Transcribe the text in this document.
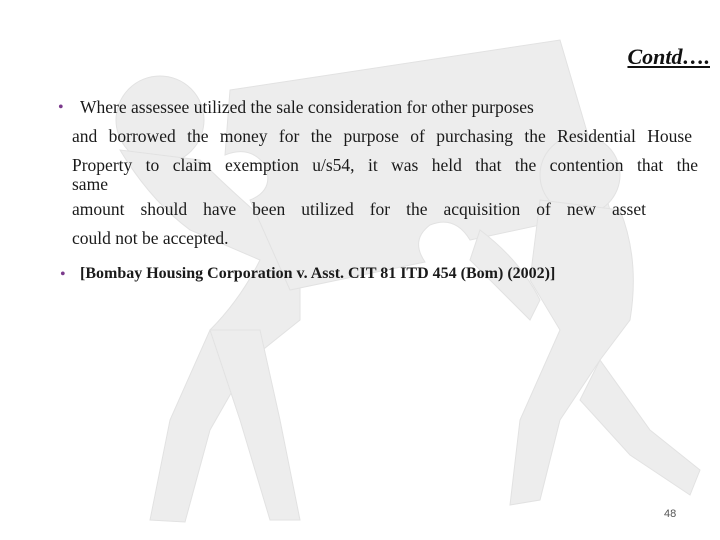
Contd….
• Where assessee utilized the sale consideration for other purposes
and borrowed the money for the purpose of purchasing the Residential House
Property to claim exemption u/s54, it was held that the contention that the
same
amount should have been utilized for the acquisition of new asset
could not be accepted.
• [Bombay Housing Corporation v. Asst. CIT 81 ITD 454 (Bom) (2002)]
48
